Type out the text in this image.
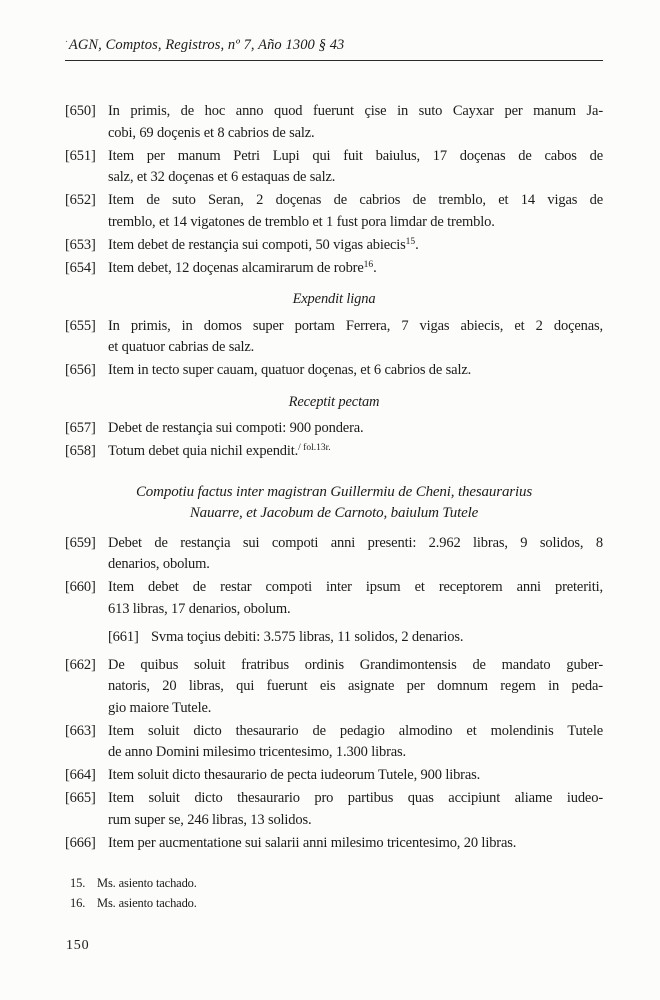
·AGN, Comptos, Registros, nº 7, Año 1300 § 43

[650] In primis, de hoc anno quod fuerunt çise in suto Cayxar per manum Ja-
cobi, 69 doçenis et 8 cabrios de salz.

[651] Item per manum Petri Lupi qui fuit baiulus, 17 doçenas de cabos de
salz, et 32 doçenas et 6 estaquas de salz.

[652] Item de suto Seran, 2 doçenas de cabrios de tremblo, et 14 vigas de
tremblo, et 14 vigatones de tremblo et 1 fust pora limdar de tremblo.

[653] Item debet de restançia sui compoti, 50 vigas abiecis$^{15}$.

[654] Item debet, 12 doçenas alcamirarum de robre$^{16}$.

Expendit ligna

[655] In primis, in domos super portam Ferrera, 7 vigas abiecis, et 2 doçenas,
et quatuor cabrias de salz.

[656] Item in tecto super cauam, quatuor doçenas, et 6 cabrios de salz.

Receptit pectam

[657] Debet de restançia sui compoti: 900 pondera.

[658] Totum debet quia nichil expendit.$^{/ fol.13r.}$

Compotiu factus inter magistran Guillermiu de Cheni, thesaurarius
Nauarre, et Jacobum de Carnoto, baiulum Tutele

[659] Debet de restançia sui compoti anni presenti: 2.962 libras, 9 solidos, 8
denarios, obolum.

[660] Item debet de restar compoti inter ipsum et receptorem anni preteriti,
613 libras, 17 denarios, obolum.

[661] Svma toçius debiti: 3.575 libras, 11 solidos, 2 denarios.

[662] De quibus soluit fratribus ordinis Grandimontensis de mandato guber-
natoris, 20 libras, qui fuerunt eis asignate per domnum regem in peda-
gio maiore Tutele.

[663] Item soluit dicto thesaurario de pedagio almodino et molendinis Tutele
de anno Domini milesimo tricentesimo, 1.300 libras.

[664] Item soluit dicto thesaurario de pecta iudeorum Tutele, 900 libras.

[665] Item soluit dicto thesaurario pro partibus quas accipiunt aliame iudeo-
rum super se, 246 libras, 13 solidos.

[666] Item per aucmentatione sui salarii anni milesimo tricentesimo, 20 libras.

15. Ms. asiento tachado.
16. Ms. asiento tachado.
150
